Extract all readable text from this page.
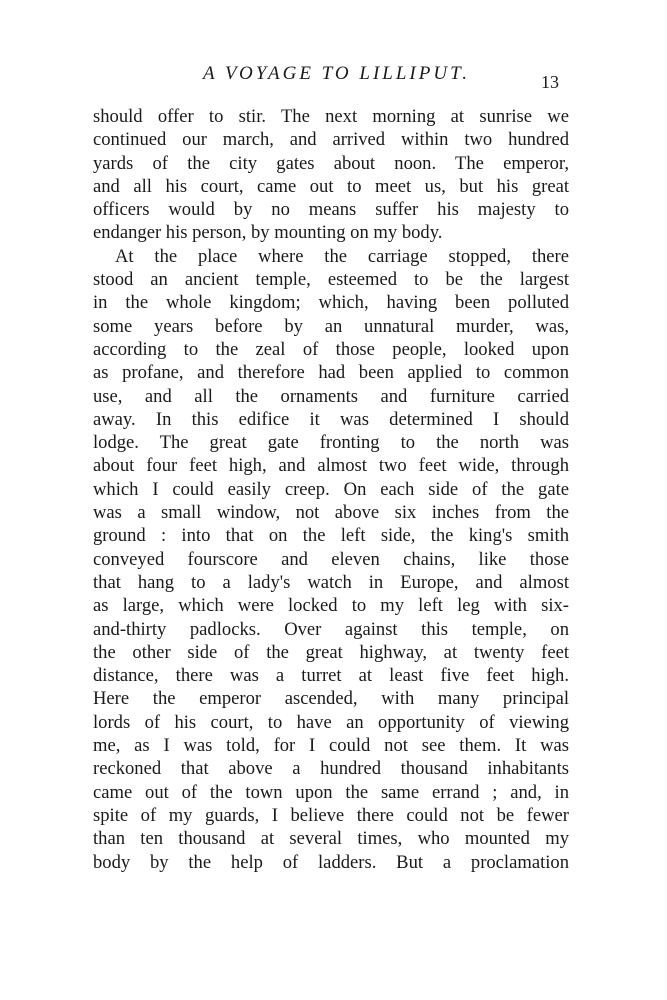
A VOYAGE TO LILLIPUT.	13
should offer to stir. The next morning at sunrise we
continued our march, and arrived within two hundred
yards of the city gates about noon. The emperor,
and all his court, came out to meet us, but his great
officers would by no means suffer his majesty to
endanger his person, by mounting on my body.
At the place where the carriage stopped, there
stood an ancient temple, esteemed to be the largest
in the whole kingdom; which, having been polluted
some years before by an unnatural murder, was,
according to the zeal of those people, looked upon
as profane, and therefore had been applied to common
use, and all the ornaments and furniture carried
away. In this edifice it was determined I should
lodge. The great gate fronting to the north was
about four feet high, and almost two feet wide, through
which I could easily creep. On each side of the gate
was a small window, not above six inches from the
ground : into that on the left side, the king's smith
conveyed fourscore and eleven chains, like those
that hang to a lady's watch in Europe, and almost
as large, which were locked to my left leg with six-
and-thirty padlocks. Over against this temple, on
the other side of the great highway, at twenty feet
distance, there was a turret at least five feet high.
Here the emperor ascended, with many principal
lords of his court, to have an opportunity of viewing
me, as I was told, for I could not see them. It was
reckoned that above a hundred thousand inhabitants
came out of the town upon the same errand ; and, in
spite of my guards, I believe there could not be fewer
than ten thousand at several times, who mounted my
body by the help of ladders. But a proclamation
